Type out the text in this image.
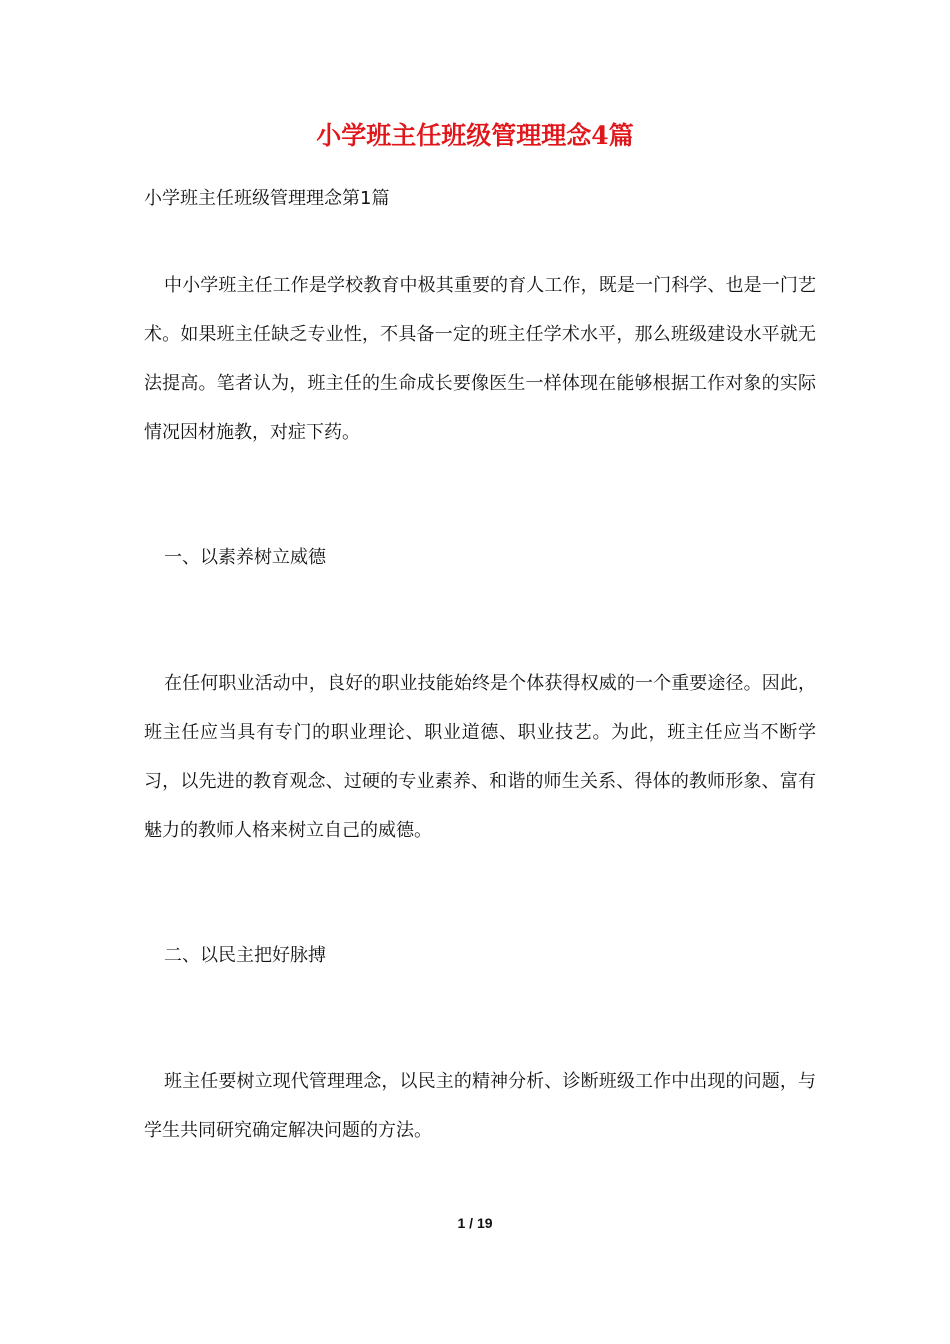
小学班主任班级管理理念4篇

小学班主任班级管理理念第1篇

中小学班主任工作是学校教育中极其重要的育人工作，既是一门科学、也是一门艺术。如果班主任缺乏专业性，不具备一定的班主任学术水平，那么班级建设水平就无法提高。笔者认为，班主任的生命成长要像医生一样体现在能够根据工作对象的实际情况因材施教，对症下药。

一、以素养树立威德

在任何职业活动中，良好的职业技能始终是个体获得权威的一个重要途径。因此，班主任应当具有专门的职业理论、职业道德、职业技艺。为此，班主任应当不断学习，以先进的教育观念、过硬的专业素养、和谐的师生关系、得体的教师形象、富有魅力的教师人格来树立自己的威德。

二、以民主把好脉搏

班主任要树立现代管理理念，以民主的精神分析、诊断班级工作中出现的问题，与学生共同研究确定解决问题的方法。

1 / 19
